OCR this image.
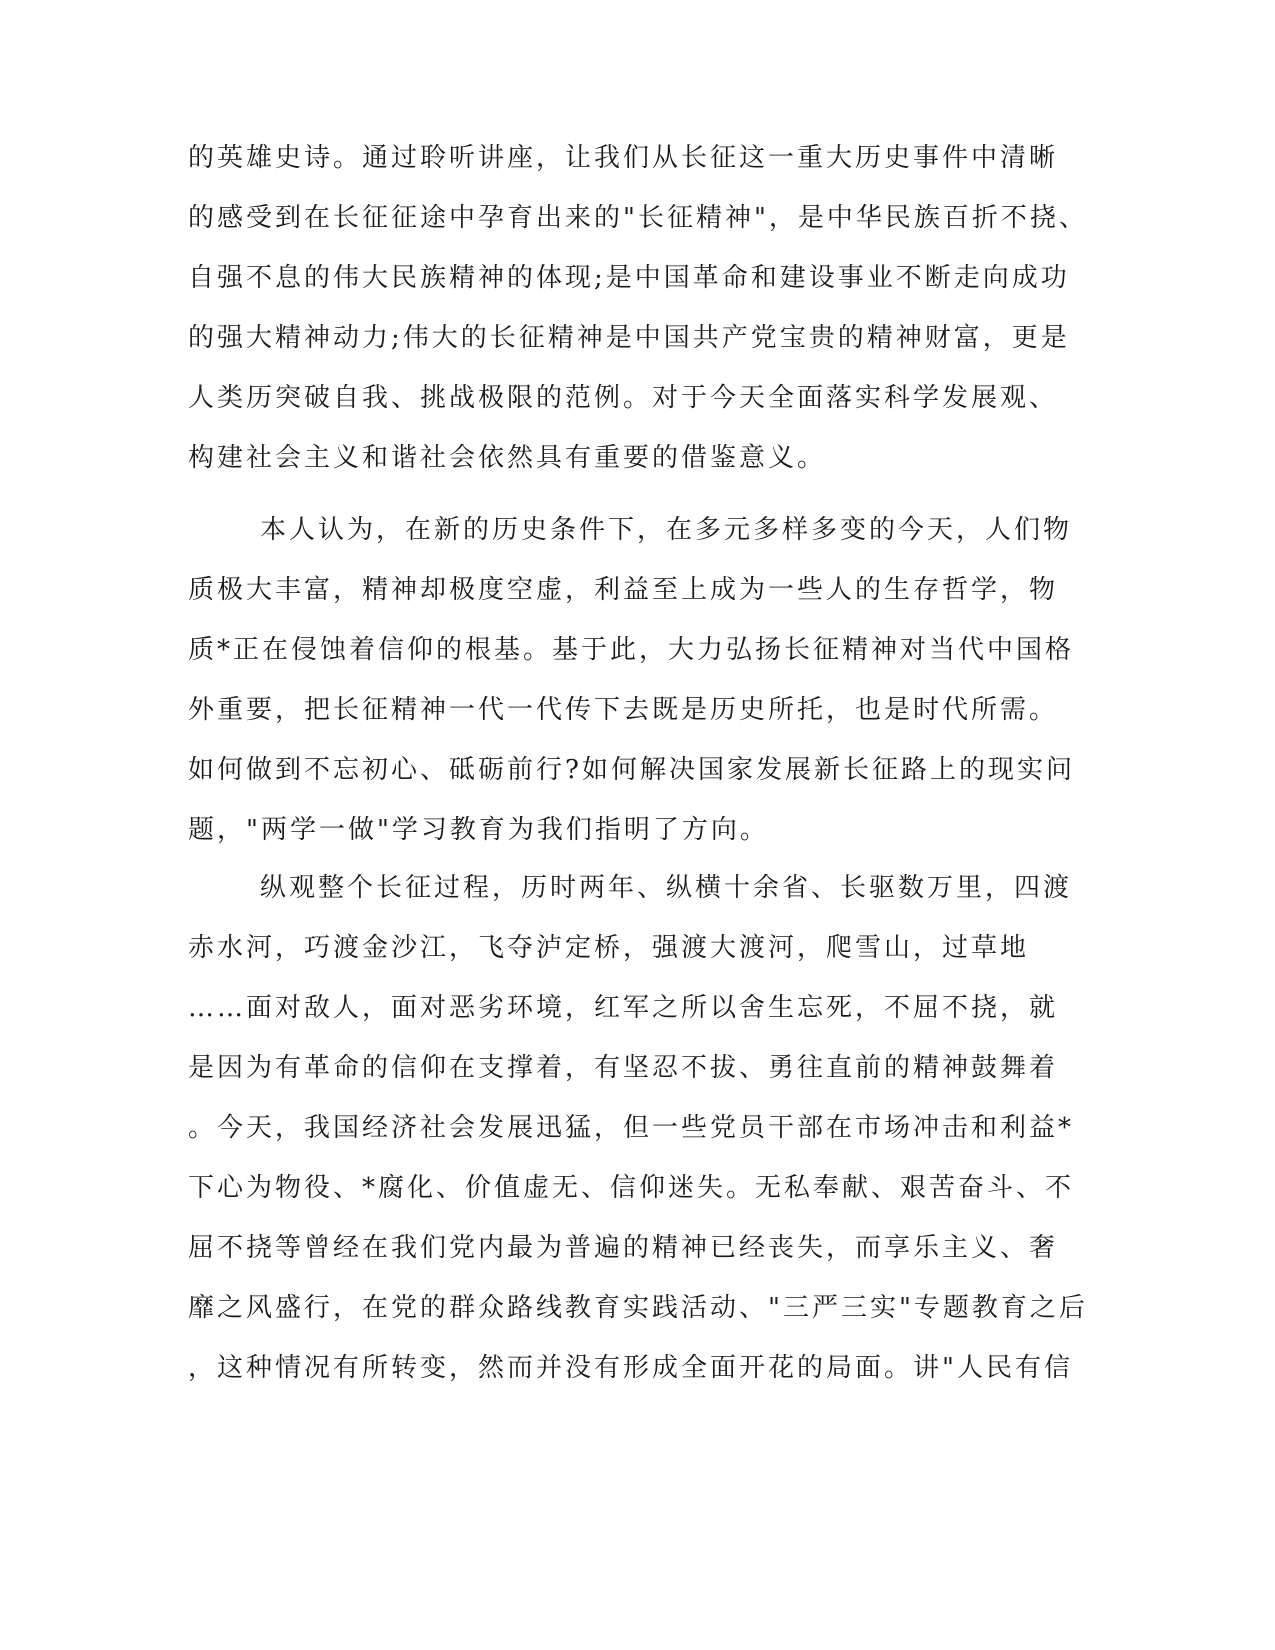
的英雄史诗。通过聆听讲座，让我们从长征这一重大历史事件中清晰
的感受到在长征征途中孕育出来的"长征精神"，是中华民族百折不挠、
自强不息的伟大民族精神的体现;是中国革命和建设事业不断走向成功
的强大精神动力;伟大的长征精神是中国共产党宝贵的精神财富，更是
人类历突破自我、挑战极限的范例。对于今天全面落实科学发展观、
构建社会主义和谐社会依然具有重要的借鉴意义。
本人认为，在新的历史条件下，在多元多样多变的今天，人们物
质极大丰富，精神却极度空虚，利益至上成为一些人的生存哲学，物
质*正在侵蚀着信仰的根基。基于此，大力弘扬长征精神对当代中国格
外重要，把长征精神一代一代传下去既是历史所托，也是时代所需。
如何做到不忘初心、砥砺前行?如何解决国家发展新长征路上的现实问
题，"两学一做"学习教育为我们指明了方向。
纵观整个长征过程，历时两年、纵横十余省、长驱数万里，四渡
赤水河，巧渡金沙江，飞夺泸定桥，强渡大渡河，爬雪山，过草地
……面对敌人，面对恶劣环境，红军之所以舍生忘死，不屈不挠，就
是因为有革命的信仰在支撑着，有坚忍不拔、勇往直前的精神鼓舞着
。今天，我国经济社会发展迅猛，但一些党员干部在市场冲击和利益*
下心为物役、*腐化、价值虚无、信仰迷失。无私奉献、艰苦奋斗、不
屈不挠等曾经在我们党内最为普遍的精神已经丧失，而享乐主义、奢
靡之风盛行，在党的群众路线教育实践活动、"三严三实"专题教育之后
，这种情况有所转变，然而并没有形成全面开花的局面。讲"人民有信
